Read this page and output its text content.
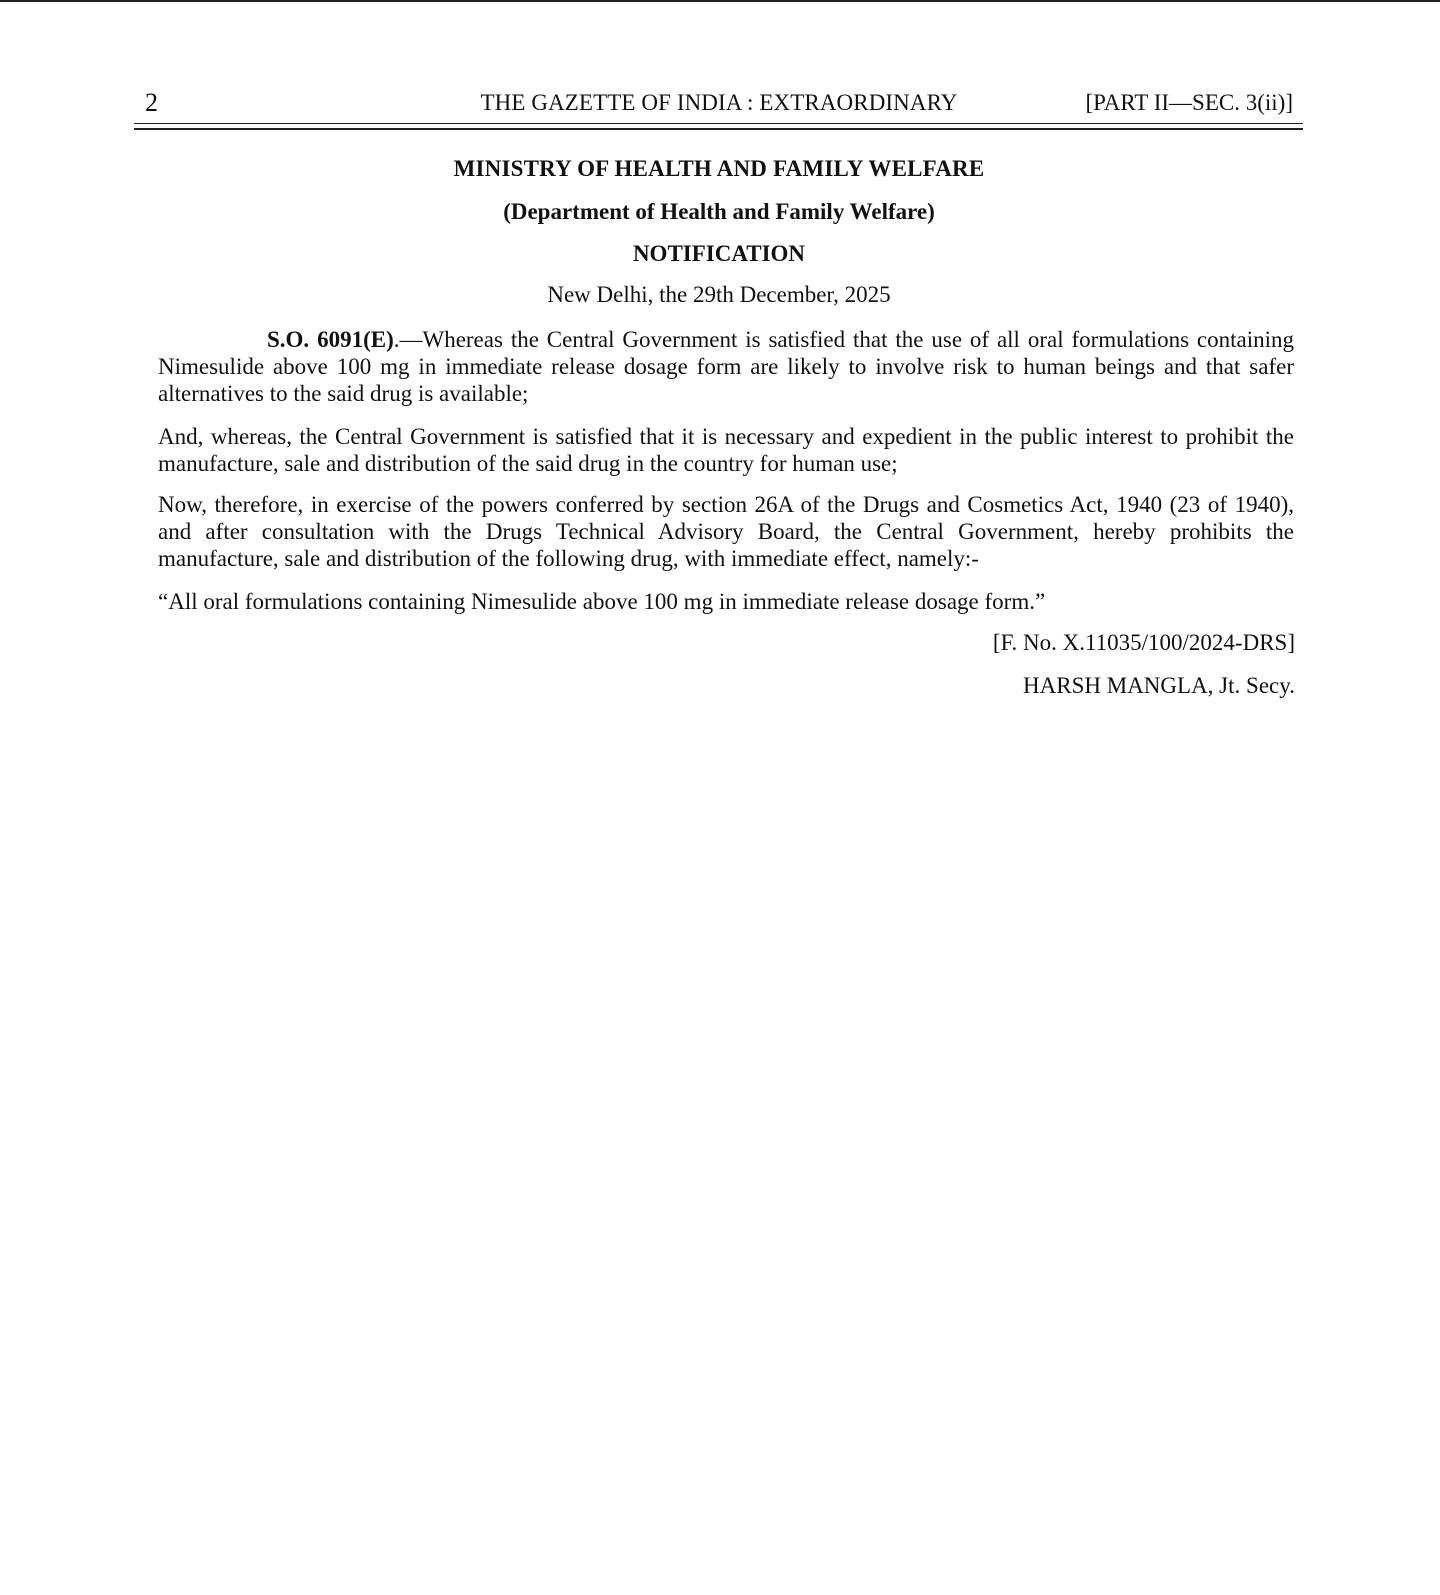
2	THE GAZETTE OF INDIA : EXTRAORDINARY	[PART II—SEC. 3(ii)]
MINISTRY OF HEALTH AND FAMILY WELFARE
(Department of Health and Family Welfare)
NOTIFICATION
New Delhi, the 29th December, 2025
S.O. 6091(E).—Whereas the Central Government is satisfied that the use of all oral formulations containing Nimesulide above 100 mg in immediate release dosage form are likely to involve risk to human beings and that safer alternatives to the said drug is available;
And, whereas, the Central Government is satisfied that it is necessary and expedient in the public interest to prohibit the manufacture, sale and distribution of the said drug in the country for human use;
Now, therefore, in exercise of the powers conferred by section 26A of the Drugs and Cosmetics Act, 1940 (23 of 1940), and after consultation with the Drugs Technical Advisory Board, the Central Government, hereby prohibits the manufacture, sale and distribution of the following drug, with immediate effect, namely:-
“All oral formulations containing Nimesulide above 100 mg in immediate release dosage form.”
[F. No. X.11035/100/2024-DRS]
HARSH MANGLA, Jt. Secy.
